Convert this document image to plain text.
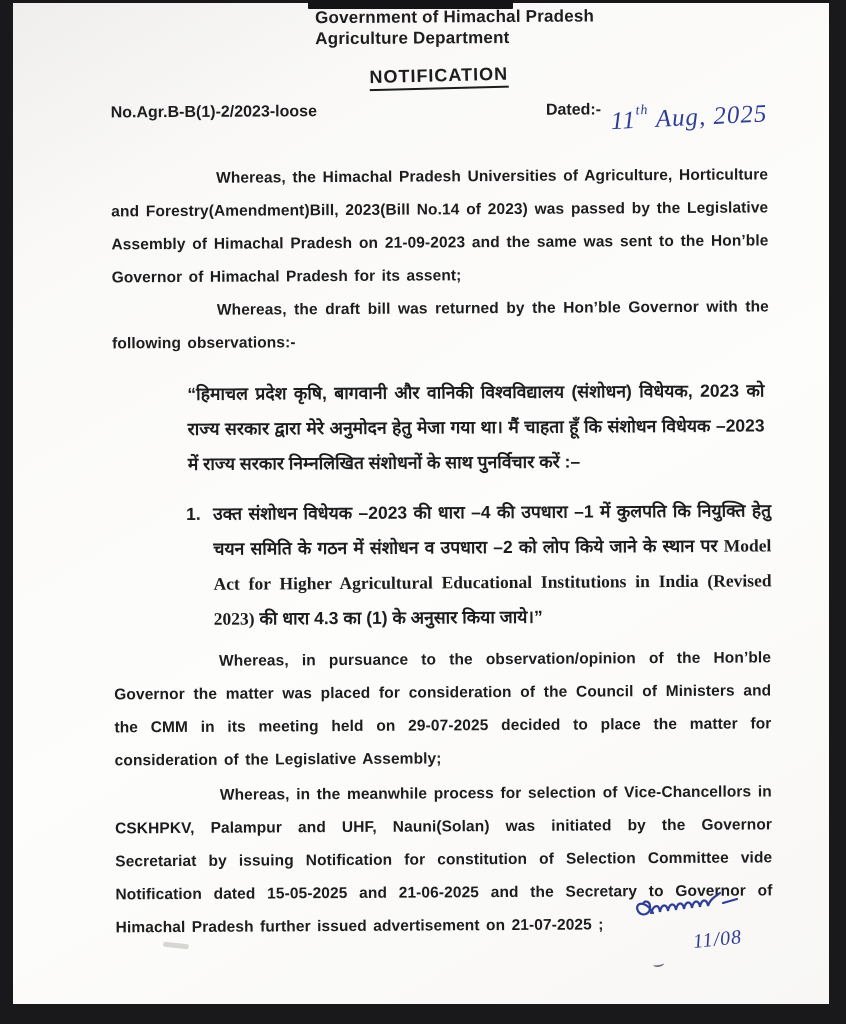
Government of Himachal Pradesh
Agriculture Department
NOTIFICATION
No.Agr.B-B(1)-2/2023-loose	Dated:- 11th Aug, 2025

Whereas, the Himachal Pradesh Universities of Agriculture, Horticulture and Forestry(Amendment)Bill, 2023(Bill No.14 of 2023) was passed by the Legislative Assembly of Himachal Pradesh on 21-09-2023 and the same was sent to the Hon’ble Governor of Himachal Pradesh for its assent;

Whereas, the draft bill was returned by the Hon’ble Governor with the following observations:-

“हिमाचल प्रदेश कृषि, बागवानी और वानिकी विश्वविद्यालय (संशोधन) विधेयक, 2023 को राज्य सरकार द्वारा मेरे अनुमोदन हेतु मेजा गया था। मैं चाहता हूँ कि संशोधन विधेयक –2023 में राज्य सरकार निम्नलिखित संशोधनों के साथ पुनर्विचार करें :–
1. उक्त संशोधन विधेयक –2023 की धारा –4 की उपधारा –1 में कुलपति कि नियुक्ति हेतु चयन समिति के गठन में संशोधन व उपधारा –2 को लोप किये जाने के स्थान पर Model Act for Higher Agricultural Educational Institutions in India (Revised 2023) की धारा 4.3 का (1) के अनुसार किया जाये।”

Whereas, in pursuance to the observation/opinion of the Hon’ble Governor the matter was placed for consideration of the Council of Ministers and the CMM in its meeting held on 29-07-2025 decided to place the matter for consideration of the Legislative Assembly;

Whereas, in the meanwhile process for selection of Vice-Chancellors in CSKHPKV, Palampur and UHF, Nauni(Solan) was initiated by the Governor Secretariat by issuing Notification for constitution of Selection Committee vide Notification dated 15-05-2025 and 21-06-2025 and the Secretary to Governor of Himachal Pradesh further issued advertisement on 21-07-2025 ;	11/08
